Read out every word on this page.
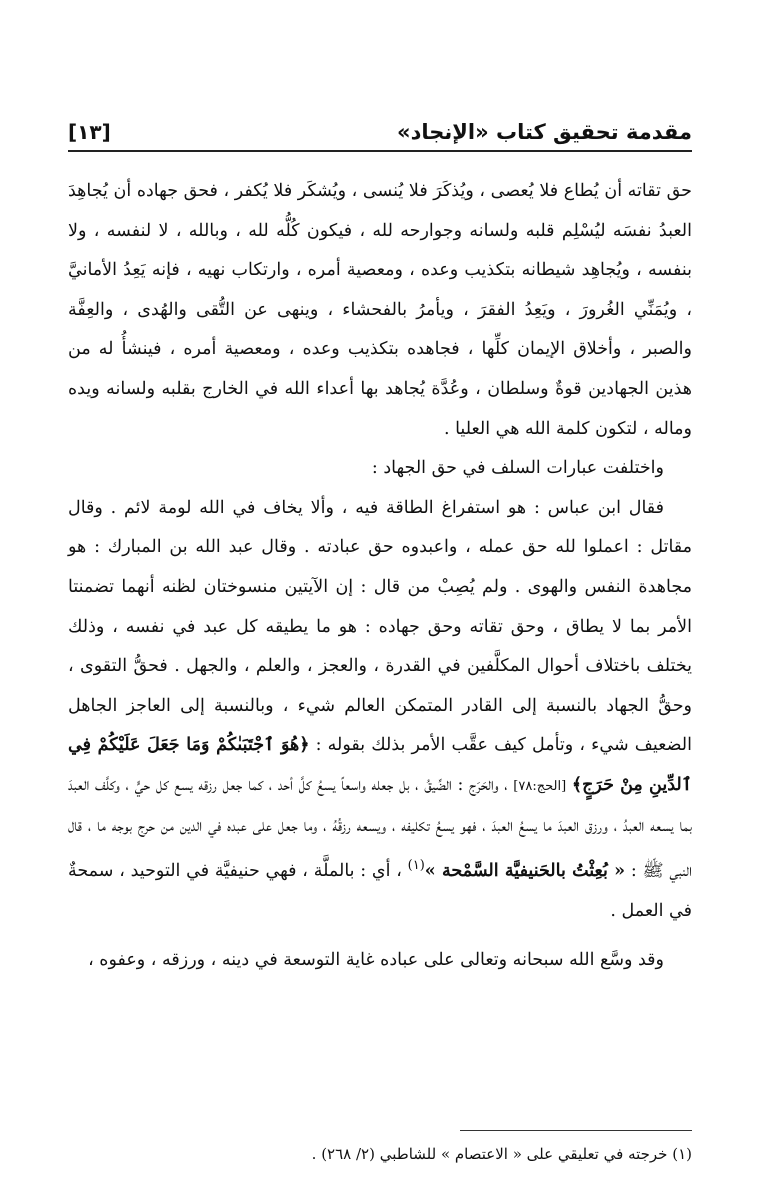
مقدمة تحقيق كتاب «الإنجاد»
[١٣]

حق تقاته أن يُطاع فلا يُعصى ، ويُذكَرَ فلا يُنسى ، ويُشكَر فلا يُكفر ، فحق جهاده أن يُجاهِدَ العبدُ نفسَه ليُسْلِم قلبه ولسانه وجوارحه لله ، فيكون كُلُّه لله ، وبالله ، لا لنفسه ، ولا بنفسه ، ويُجاهِد شيطانه بتكذيب وعده ، ومعصية أمره ، وارتكاب نهيه ، فإنه يَعِدُ الأمانيَّ ، ويُمَنِّي الغُرورَ ، ويَعِدُ الفقرَ ، ويأمرُ بالفحشاء ، وينهى عن التُّقى والهُدى ، والعِفَّة والصبر ، وأخلاق الإيمان كلِّها ، فجاهده بتكذيب وعده ، ومعصية أمره ، فينشأُ له من هذين الجهادين قوةٌ وسلطان ، وعُدَّة يُجاهد بها أعداء الله في الخارج بقلبه ولسانه ويده وماله ، لتكون كلمة الله هي العليا .

واختلفت عبارات السلف في حق الجهاد :

فقال ابن عباس : هو استفراغ الطاقة فيه ، وألا يخاف في الله لومة لائم . وقال مقاتل : اعملوا لله حق عمله ، واعبدوه حق عبادته . وقال عبد الله بن المبارك : هو مجاهدة النفس والهوى . ولم يُصِبْ من قال : إن الآيتين منسوختان لظنه أنهما تضمنتا الأمر بما لا يطاق ، وحق تقاته وحق جهاده : هو ما يطيقه كل عبد في نفسه ، وذلك يختلف باختلاف أحوال المكلَّفين في القدرة ، والعجز ، والعلم ، والجهل . فحقُّ التقوى ، وحقُّ الجهاد بالنسبة إلى القادر المتمكن العالم شيء ، وبالنسبة إلى العاجز الجاهل الضعيف شيء ، وتأمل كيف عقَّب الأمر بذلك بقوله : ﴿هُوَ ٱجْتَبَىٰكُمْ وَمَا جَعَلَ عَلَيْكُمْ فِي ٱلدِّينِ مِنْ حَرَجٍ﴾ [الحج:٧٨] ، والحَرَج : الضِّيقُ ، بل جعله واسعاً يسعُ كلَّ أحد ، كما جعل رزقه يسع كل حيٍّ ، وكلَّف العبدَ بما يسعه العبدُ ، ورزق العبدَ ما يسعُ العبدَ ، فهو يسعُ تكليفه ، ويسعه رزقُهُ ، وما جعل على عبده في الدين من حرج بوجه ما ، قال النبي ﷺ : « بُعِثْتُ بالحَنيفيَّة السَّمْحة »$^{(١)}$ ، أي : بالملَّة ، فهي حنيفيَّة في التوحيد ، سمحةٌ في العمل .

وقد وسَّع الله سبحانه وتعالى على عباده غاية التوسعة في دينه ، ورزقه ، وعفوه ،

(١) خرجته في تعليقي على « الاعتصام » للشاطبي (٢/ ٢٦٨) .
